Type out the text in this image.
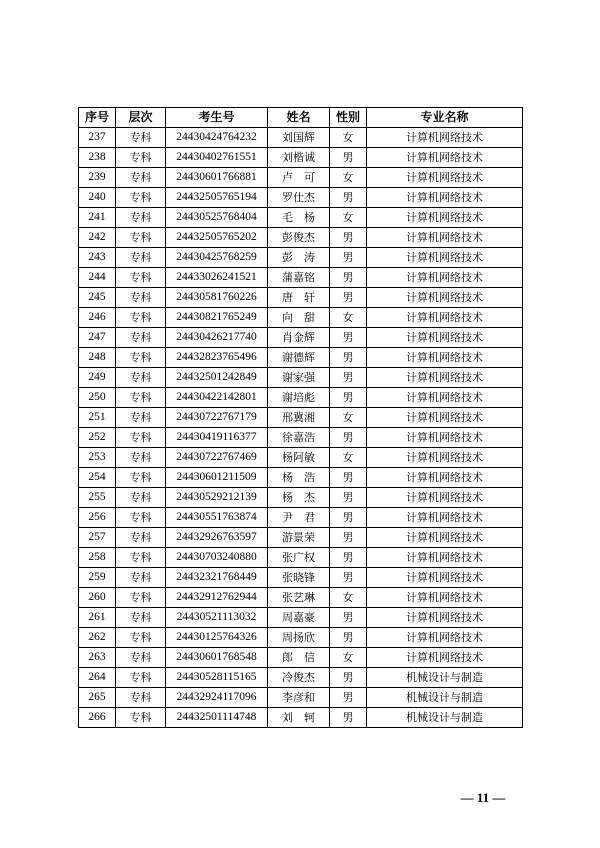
序号	层次	考生号	姓名	性别	专业名称
237	专科	24430424764232	刘国辉	女	计算机网络技术
238	专科	24430402761551	刘楷诚	男	计算机网络技术
239	专科	24430601766881	卢　可	女	计算机网络技术
240	专科	24432505765194	罗仕杰	男	计算机网络技术
241	专科	24430525768404	毛　杨	女	计算机网络技术
242	专科	24432505765202	彭俊杰	男	计算机网络技术
243	专科	24430425768259	彭　涛	男	计算机网络技术
244	专科	24433026241521	蒲嘉铭	男	计算机网络技术
245	专科	24430581760226	唐　轩	男	计算机网络技术
246	专科	24430821765249	向　甜	女	计算机网络技术
247	专科	24430426217740	肖金辉	男	计算机网络技术
248	专科	24432823765496	谢德辉	男	计算机网络技术
249	专科	24432501242849	谢家强	男	计算机网络技术
250	专科	24430422142801	谢培彪	男	计算机网络技术
251	专科	24430722767179	邢冀湘	女	计算机网络技术
252	专科	24430419116377	徐嘉浩	男	计算机网络技术
253	专科	24430722767469	杨阿敏	女	计算机网络技术
254	专科	24430601211509	杨　浩	男	计算机网络技术
255	专科	24430529212139	杨　杰	男	计算机网络技术
256	专科	24430551763874	尹　君	男	计算机网络技术
257	专科	24432926763597	游景荣	男	计算机网络技术
258	专科	24430703240880	张广权	男	计算机网络技术
259	专科	24432321768449	张晓锋	男	计算机网络技术
260	专科	24432912762944	张艺琳	女	计算机网络技术
261	专科	24430521113032	周嘉豪	男	计算机网络技术
262	专科	24430125764326	周扬欣	男	计算机网络技术
263	专科	24430601768548	郎　信	女	计算机网络技术
264	专科	24430528115165	冷俊杰	男	机械设计与制造
265	专科	24432924117096	李彦和	男	机械设计与制造
266	专科	24432501114748	刘　轲	男	机械设计与制造
— 11 —
